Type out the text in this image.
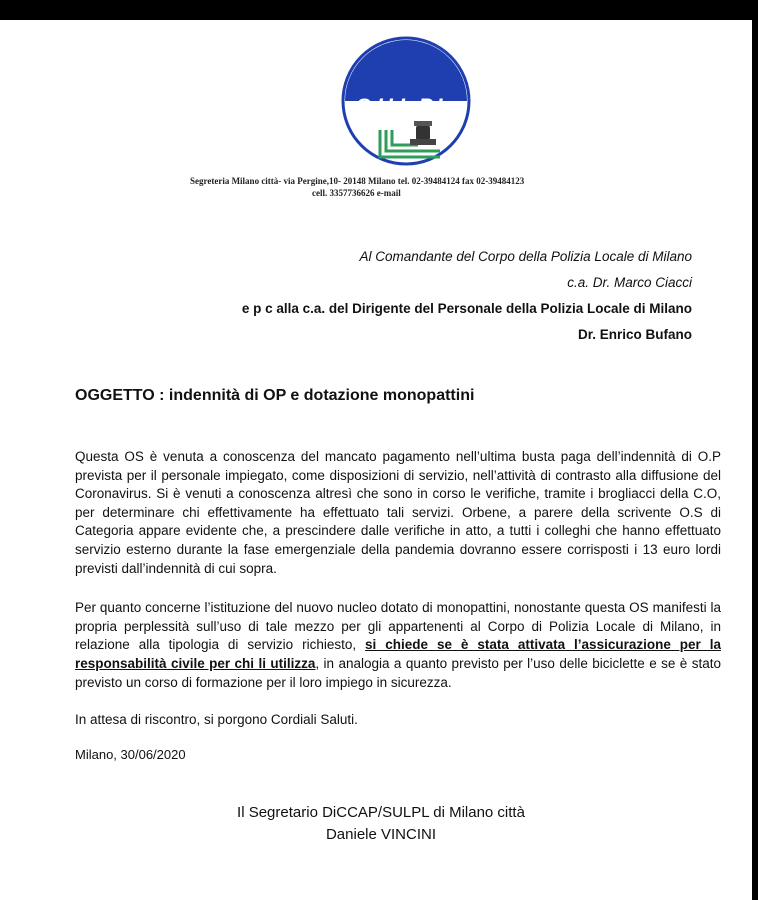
S.U.L.P.L.
Segreteria Milano città- via Pergine,10- 20148 Milano tel. 02-39484124 fax 02-39484123
cell. 3357736626 e-mail
Al Comandante del Corpo della Polizia Locale di Milano
c.a. Dr. Marco Ciacci
e p c alla c.a. del Dirigente del Personale della Polizia Locale di Milano
Dr. Enrico Bufano
OGGETTO : indennità di OP e dotazione monopattini

Questa OS è venuta a conoscenza del mancato pagamento nell’ultima busta paga dell’indennità di O.P prevista per il personale impiegato, come disposizioni di servizio, nell’attività di contrasto alla diffusione del Coronavirus. Si è venuti a conoscenza altresì che sono in corso le verifiche, tramite i brogliacci della C.O, per determinare chi effettivamente ha effettuato tali servizi. Orbene, a parere della scrivente O.S di Categoria appare evidente che, a prescindere dalle verifiche in atto, a tutti i colleghi che hanno effettuato servizio esterno durante la fase emergenziale della pandemia dovranno essere corrisposti i 13 euro lordi previsti dall’indennità di cui sopra.

Per quanto concerne l’istituzione del nuovo nucleo dotato di monopattini, nonostante questa OS manifesti la propria perplessità sull’uso di tale mezzo per gli appartenenti al Corpo di Polizia Locale di Milano, in relazione alla tipologia di servizio richiesto, si chiede se è stata attivata l’assicurazione per la responsabilità civile per chi li utilizza, in analogia a quanto previsto per l’uso delle biciclette e se è stato previsto un corso di formazione per il loro impiego in sicurezza.

In attesa di riscontro, si porgono Cordiali Saluti.
Milano, 30/06/2020
Il Segretario DiCCAP/SULPL di Milano città
Daniele VINCINI
